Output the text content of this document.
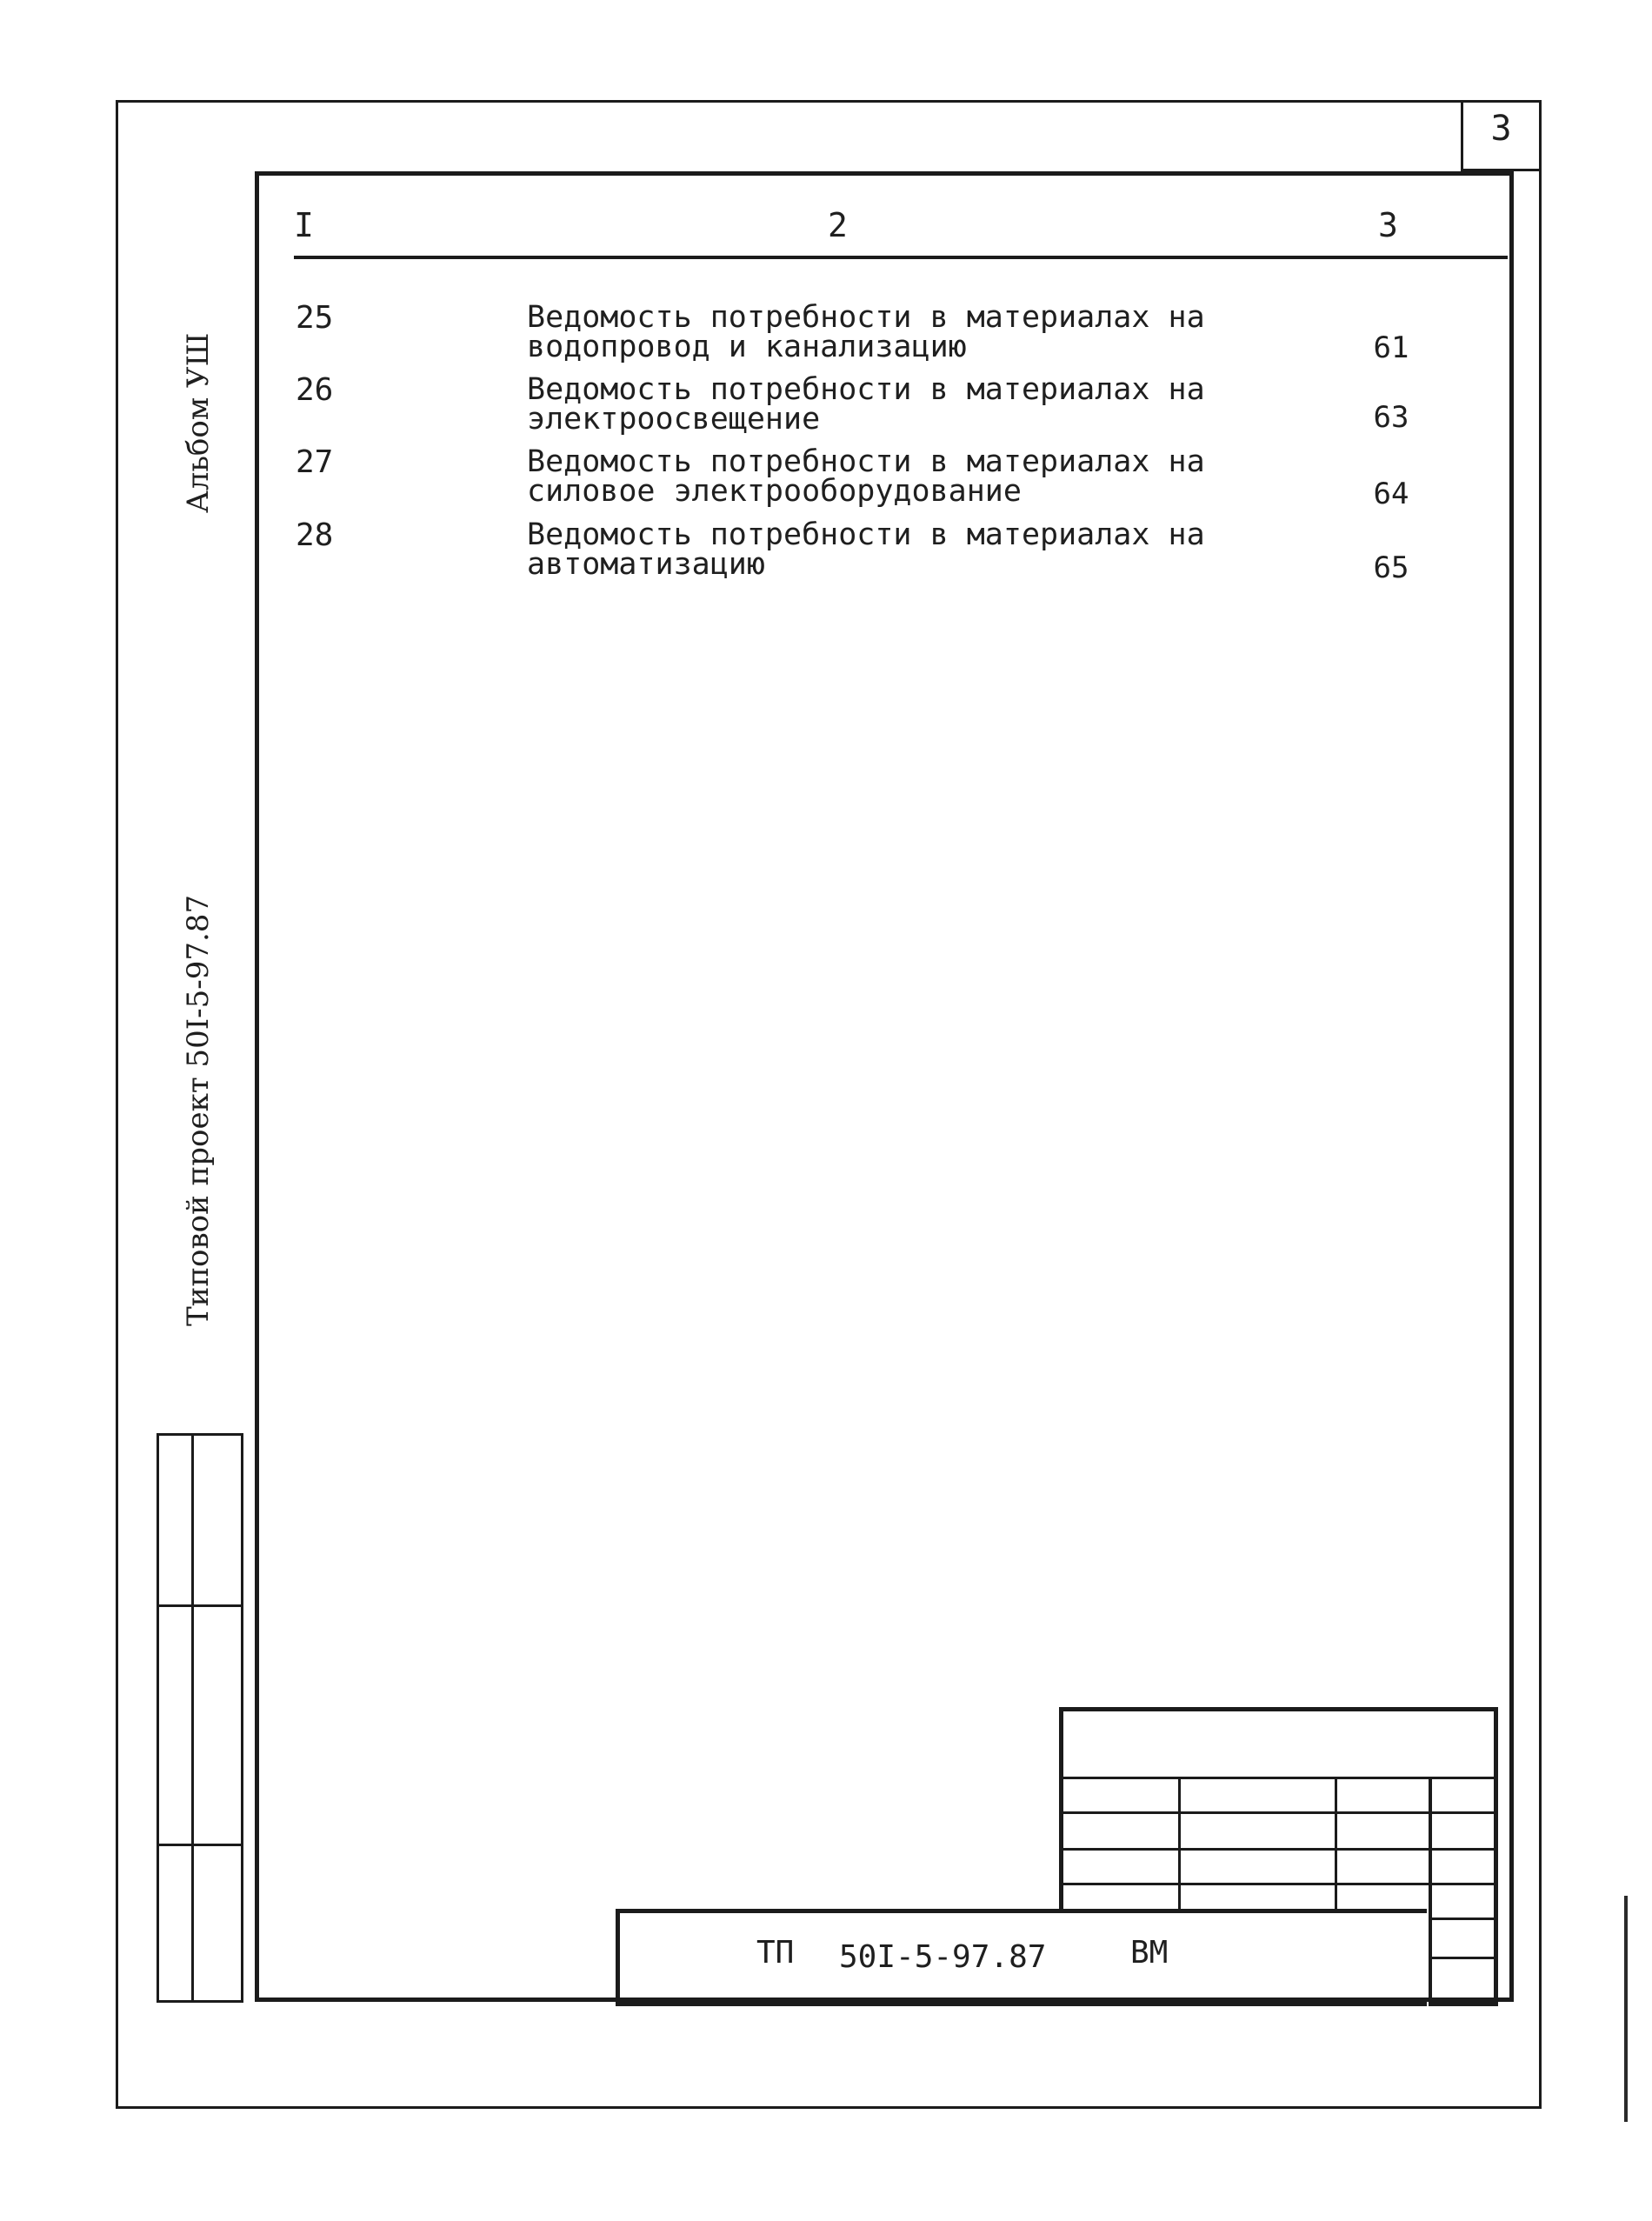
3
I	2	3
25	Ведомость потребности в материалах на
водопровод и канализацию	61
26	Ведомость потребности в материалах на
электроосвещение	63
27	Ведомость потребности в материалах на
силовое электрооборудование	64
28	Ведомость потребности в материалах на
автоматизацию	65
Альбом УШ
Типовой проект 50I-5-97.87
ТП 50I-5-97.87	ВМ
